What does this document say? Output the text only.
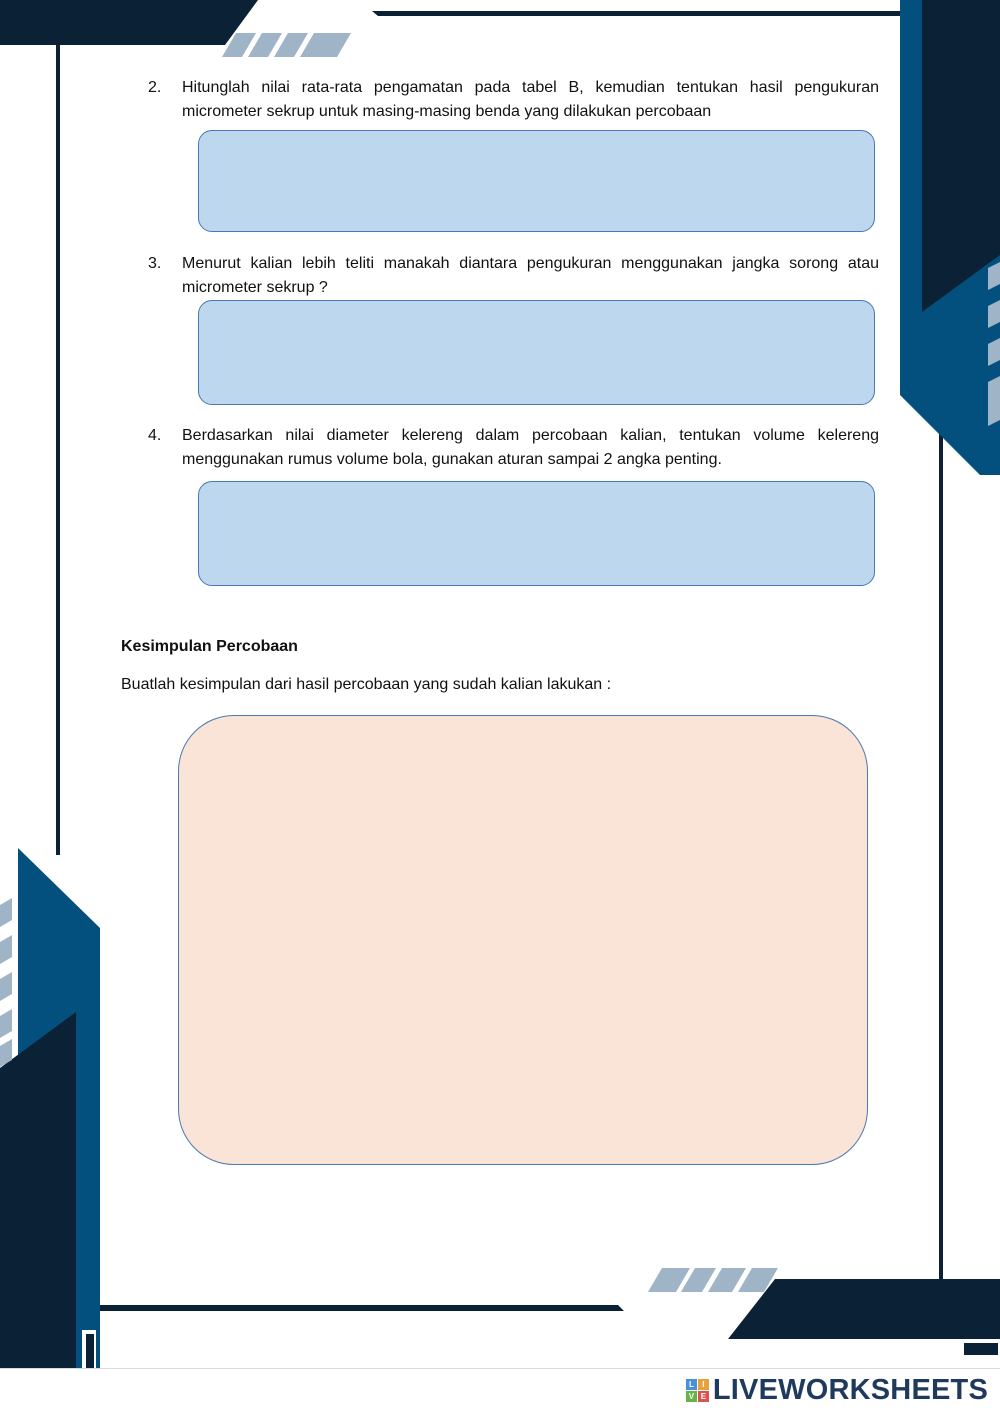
2.	Hitunglah nilai rata-rata pengamatan pada tabel B, kemudian tentukan hasil pengukuran micrometer sekrup untuk masing-masing benda yang dilakukan percobaan
3.	Menurut kalian lebih teliti manakah diantara pengukuran menggunakan jangka sorong atau micrometer sekrup ?
4.	Berdasarkan nilai diameter kelereng dalam percobaan kalian, tentukan volume kelereng menggunakan rumus volume bola, gunakan aturan sampai 2 angka penting.
Kesimpulan Percobaan
Buatlah kesimpulan dari hasil percobaan yang sudah kalian lakukan :
L	I
V E LIVEWORKSHEETS
